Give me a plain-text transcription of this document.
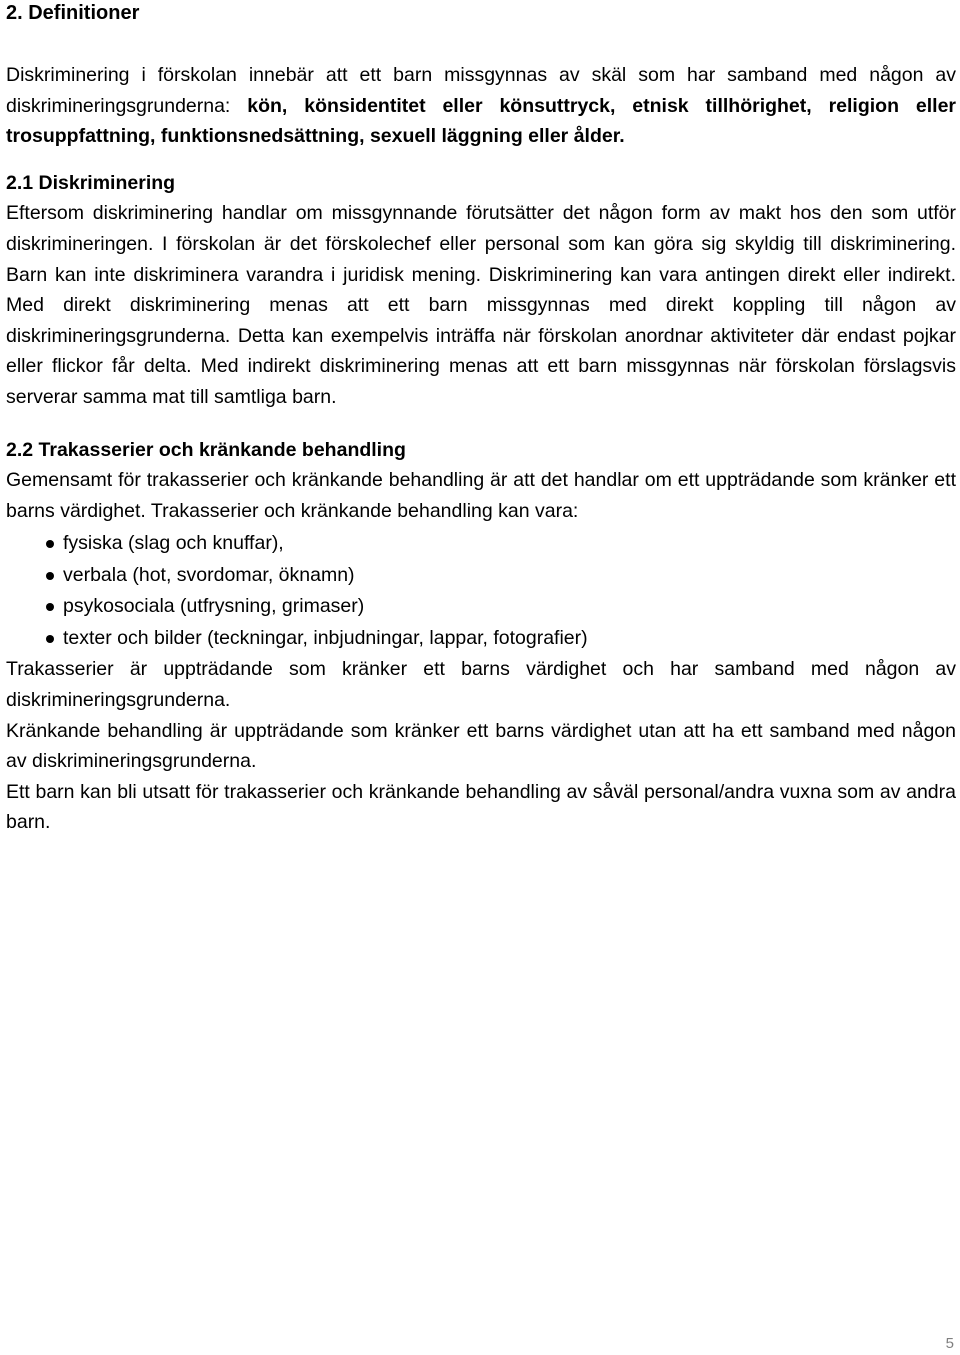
2. Definitioner

Diskriminering i förskolan innebär att ett barn missgynnas av skäl som har samband med någon av diskrimineringsgrunderna: kön, könsidentitet eller könsuttryck, etnisk tillhörighet, religion eller trosuppfattning, funktionsnedsättning, sexuell läggning eller ålder.

2.1 Diskriminering

Eftersom diskriminering handlar om missgynnande förutsätter det någon form av makt hos den som utför diskrimineringen. I förskolan är det förskolechef eller personal som kan göra sig skyldig till diskriminering. Barn kan inte diskriminera varandra i juridisk mening. Diskriminering kan vara antingen direkt eller indirekt. Med direkt diskriminering menas att ett barn missgynnas med direkt koppling till någon av diskrimineringsgrunderna. Detta kan exempelvis inträffa när förskolan anordnar aktiviteter där endast pojkar eller flickor får delta. Med indirekt diskriminering menas att ett barn missgynnas när förskolan förslagsvis serverar samma mat till samtliga barn.

2.2 Trakasserier och kränkande behandling

Gemensamt för trakasserier och kränkande behandling är att det handlar om ett uppträdande som kränker ett barns värdighet. Trakasserier och kränkande behandling kan vara:

fysiska (slag och knuffar),
verbala (hot, svordomar, öknamn)
psykosociala (utfrysning, grimaser)
texter och bilder (teckningar, inbjudningar, lappar, fotografier)

Trakasserier är uppträdande som kränker ett barns värdighet och har samband med någon av diskrimineringsgrunderna.

Kränkande behandling är uppträdande som kränker ett barns värdighet utan att ha ett samband med någon av diskrimineringsgrunderna.

Ett barn kan bli utsatt för trakasserier och kränkande behandling av såväl personal/andra vuxna som av andra barn.

5
